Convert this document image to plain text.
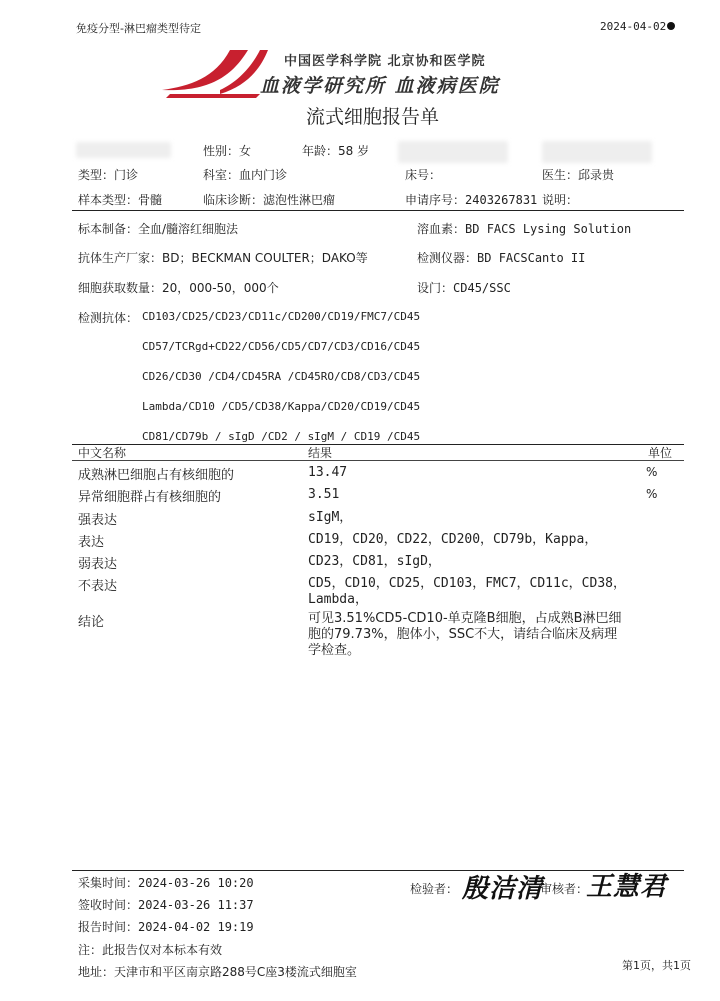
免疫分型-淋巴瘤类型待定	2024-04-02
中国医学科学院 北京协和医学院
血液学研究所 血液病医院
流式细胞报告单
性别：女	年龄：58 岁
类型：门诊	科室：血内门诊	床号：	医生：邱录贵
样本类型：骨髓	临床诊断：滤泡性淋巴瘤	申请序号：2403267831 说明：
标本制备：全血/髓溶红细胞法	溶血素：BD FACS Lysing Solution
抗体生产厂家：BD；BECKMAN COULTER；DAKO等	检测仪器：BD FACSCanto II
细胞获取数量：20，000-50，000个	设门：CD45/SSC
检测抗体： CD103/CD25/CD23/CD11c/CD200/CD19/FMC7/CD45
CD57/TCRgd+CD22/CD56/CD5/CD7/CD3/CD16/CD45
CD26/CD30 /CD4/CD45RA /CD45RO/CD8/CD3/CD45
Lambda/CD10 /CD5/CD38/Kappa/CD20/CD19/CD45
CD81/CD79b / sIgD /CD2 / sIgM / CD19 /CD45
中文名称	结果	单位
成熟淋巴细胞占有核细胞的	13.47	%
异常细胞群占有核细胞的	3.51	%
强表达	sIgM，
表达	CD19，CD20，CD22，CD200，CD79b，Kappa，
弱表达	CD23，CD81，sIgD，
不表达	CD5，CD10，CD25，CD103，FMC7，CD11c，CD38，Lambda，
结论	可见3.51%CD5-CD10-单克隆B细胞，占成熟B淋巴细胞的79.73%，胞体小，SSC不大，请结合临床及病理学检查。
采集时间：2024-03-26 10:20
签收时间：2024-03-26 11:37
报告时间：2024-04-02 19:19
注：此报告仅对本标本有效
地址：天津市和平区南京路288号C座3楼流式细胞室
检验者： 殷洁清
审核者：
王慧君
第1页，共1页
